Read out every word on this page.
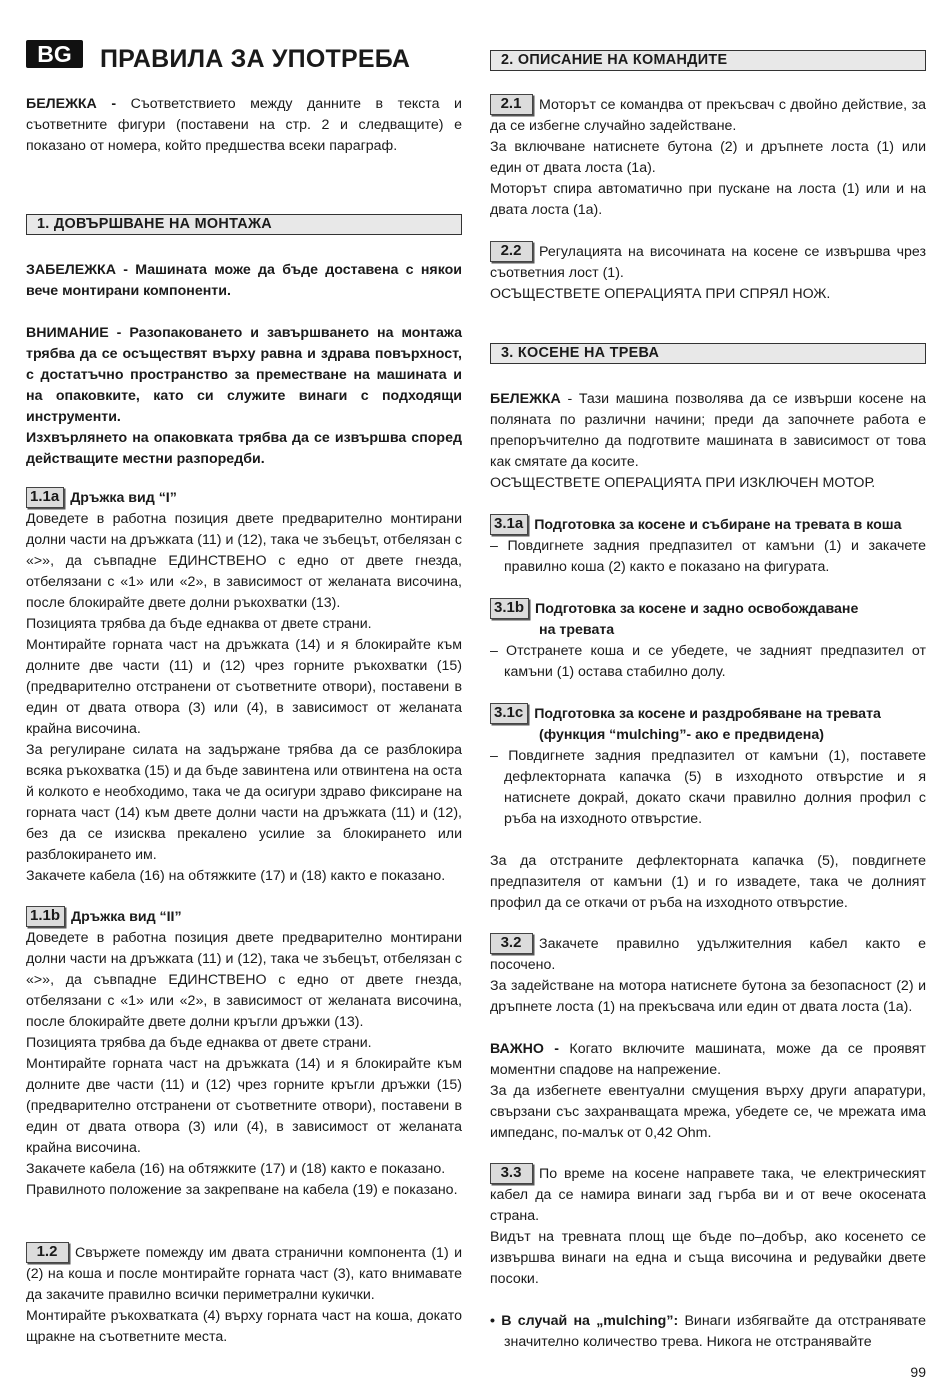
BG	ПРАВИЛА ЗА УПОТРЕБА

БЕЛЕЖКА - Съответствието между данните в текста и съответните фигури (поставени на стр. 2 и следващите) е показано от номера, който предшества всеки параграф.

1. ДОВЪРШВАНЕ НА МОНТАЖА

ЗАБЕЛЕЖКА - Машината може да бъде доставена с някои вече монтирани компоненти.

ВНИМАНИЕ - Разопаковането и завършването на монтажа трябва да се осъществят върху равна и здрава повърхност, с достатъчно пространство за преместване на машината и на опаковките, като си служите винаги с подходящи инструменти.

Изхвърлянето на опаковката трябва да се извършва според действащите местни разпоредби.

1.1a Дръжка вид “I”

Доведете в работна позиция двете предварително монтирани долни части на дръжката (11) и (12), така че зъбецът, отбелязан с «>», да съвпадне ЕДИНСТВЕНО с едно от двете гнезда, отбелязани с «1» или «2», в зависимост от желаната височина, после блокирайте двете долни ръкохватки (13).

Позицията трябва да бъде еднаква от двете страни.

Монтирайте горната част на дръжката (14) и я блокирайте към долните две части (11) и (12) чрез горните ръкохватки (15) (предварително отстранени от съответните отвори), поставени в един от двата отвора (3) или (4), в зависимост от желаната крайна височина.

За регулиране силата на задържане трябва да се разблокира всяка ръкохватка (15) и да бъде завинтена или отвинтена на оста й колкото е необходимо, така че да осигури здраво фиксиране на горната част (14) към двете долни части на дръжката (11) и (12), без да се изисква прекалено усилие за блокирането или разблокирането им.

Закачете кабела (16) на обтяжките (17) и (18) както е показано.

1.1b Дръжка вид “II”

Доведете в работна позиция двете предварително монтирани долни части на дръжката (11) и (12), така че зъбецът, отбелязан с «>», да съвпадне ЕДИНСТВЕНО с едно от двете гнезда, отбелязани с «1» или «2», в зависимост от желаната височина, после блокирайте двете долни кръгли дръжки (13).

Позицията трябва да бъде еднаква от двете страни.

Монтирайте горната част на дръжката (14) и я блокирайте към долните две части (11) и (12) чрез горните кръгли дръжки (15) (предварително отстранени от съответните отвори), поставени в един от двата отвора (3) или (4), в зависимост от желаната крайна височина.

Закачете кабела (16) на обтяжките (17) и (18) както е показано.

Правилното положение за закрепване на кабела (19) е показано.

1.2 Свържете помежду им двата странични компонента (1) и (2) на коша и после монтирайте горната част (3), като внимавате да закачите правилно всички периметрални кукички.

Монтирайте ръкохватката (4) върху горната част на коша, докато щракне на съответните места.

2. ОПИСАНИЕ НА КОМАНДИТЕ

2.1 Моторът се командва от прекъсвач с двойно действие, за да се избегне случайно задействане.

За включване натиснете бутона (2) и дръпнете лоста (1) или един от двата лоста (1a).

Моторът спира автоматично при пускане на лоста (1) или и на двата лоста (1a).

2.2 Регулацията на височината на косене се извършва чрез съответния лост (1).

ОСЪЩЕСТВЕТЕ ОПЕРАЦИЯТА ПРИ СПРЯЛ НОЖ.

3. КОСЕНЕ НА ТРЕВА

БЕЛЕЖКА - Тази машина позволява да се извърши косене на поляната по различни начини; преди да започнете работа е препоръчително да подготвите машината в зависимост от това как смятате да косите.

ОСЪЩЕСТВЕТЕ ОПЕРАЦИЯТА ПРИ ИЗКЛЮЧЕН МОТОР.

3.1a Подготовка за косене и събиране на тревата в коша

– Повдигнете задния предпазител от камъни (1) и закачете правилно коша (2) както е показано на фигурата.

3.1b Подготовка за косене и задно освобождаване

на тревата

– Отстранете коша и се убедете, че задният предпазител от камъни (1) остава стабилно долу.

3.1c Подготовка за косене и раздробяване на тревата

(функция “mulching”- ако е предвидена)

– Повдигнете задния предпазител от камъни (1), поставете дефлекторната капачка (5) в изходното отвърстие и я натиснете докрай, докато скачи правилно долния профил с ръба на изходното отвърстие.

За да отстраните дефлекторната капачка (5), повдигнете предпазителя от камъни (1) и го извадете, така че долният профил да се откачи от ръба на изходното отвърстие.

3.2 Закачете правилно удължителния кабел както е посочено.

За задействане на мотора натиснете бутона за безопасност (2) и дръпнете лоста (1) на прекъсвача или един от двата лоста (1a).

ВАЖНО - Когато включите машината, може да се проявят моментни спадове на напрежение.

За да избегнете евентуални смущения върху други апаратури, свързани със захранващата мрежа, убедете се, че мрежата има импеданс, по-малък от 0,42 Ohm.

3.3 По време на косене направете така, че електрическият кабел да се намира винаги зад гърба ви и от вече окосената страна.

Видът на тревната площ ще бъде по–добър, ако косенето се извършва винаги на една и съща височина и редувайки двете посоки.

• В случай на „mulching”: Винаги избягвайте да отстранявате значително количество трева. Никога не отстранявайте

99
